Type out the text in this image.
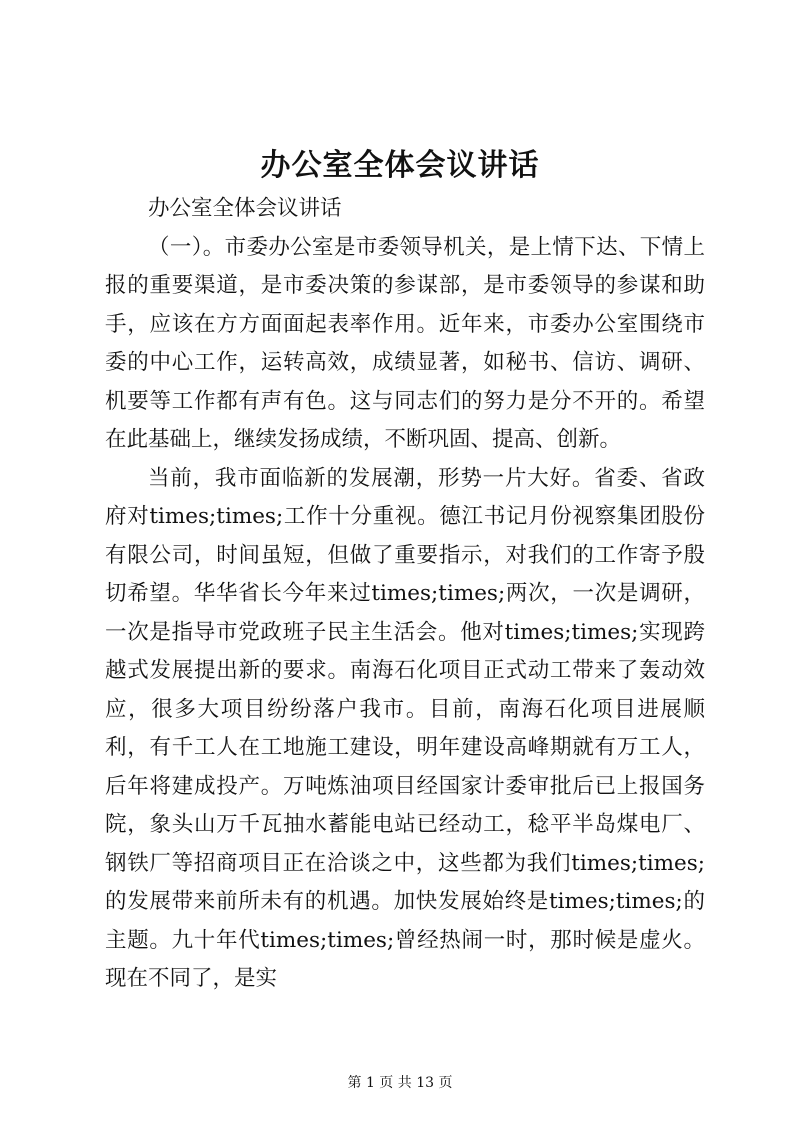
办公室全体会议讲话

办公室全体会议讲话

（一）。市委办公室是市委领导机关，是上情下达、下情上报的重要渠道，是市委决策的参谋部，是市委领导的参谋和助手，应该在方方面面起表率作用。近年来，市委办公室围绕市委的中心工作，运转高效，成绩显著，如秘书、信访、调研、机要等工作都有声有色。这与同志们的努力是分不开的。希望在此基础上，继续发扬成绩，不断巩固、提高、创新。

当前，我市面临新的发展潮，形势一片大好。省委、省政府对times;times;工作十分重视。德江书记月份视察集团股份有限公司，时间虽短，但做了重要指示，对我们的工作寄予殷切希望。华华省长今年来过times;times;两次，一次是调研，一次是指导市党政班子民主生活会。他对times;times;实现跨越式发展提出新的要求。南海石化项目正式动工带来了轰动效应，很多大项目纷纷落户我市。目前，南海石化项目进展顺利，有千工人在工地施工建设，明年建设高峰期就有万工人，后年将建成投产。万吨炼油项目经国家计委审批后已上报国务院，象头山万千瓦抽水蓄能电站已经动工，稔平半岛煤电厂、钢铁厂等招商项目正在洽谈之中，这些都为我们times;times;的发展带来前所未有的机遇。加快发展始终是times;times;的主题。九十年代times;times;曾经热闹一时，那时候是虚火。现在不同了，是实

第 1 页 共 13 页
